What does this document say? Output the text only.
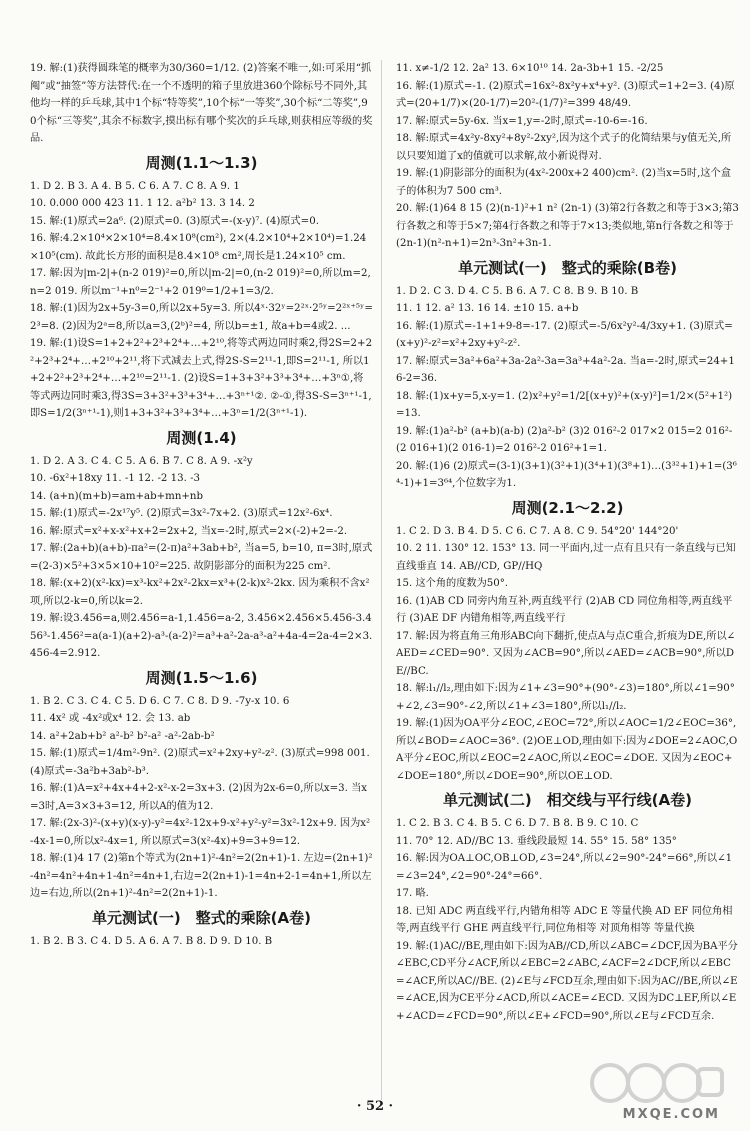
19. 解:(1)获得圆珠笔的概率为30/360=1/12. (2)答案不唯一,如:可采用“抓阄”或“抽签”等方法替代:在一个不透明的箱子里放进360个除标号不同外,其他均一样的乒乓球,其中1个标“特等奖”,10个标“一等奖”,30个标“二等奖”,90个标“三等奖”,其余不标数字,摸出标有哪个奖次的乒乓球,则获相应等级的奖品.

周测(1.1～1.3)

1. D 2. B 3. A 4. B 5. C 6. A 7. C 8. A 9. 1

10. 0.000 000 423 11. 1 12. a²b² 13. 3 14. 2

15. 解:(1)原式=2a⁶. (2)原式=0. (3)原式=-(x-y)⁷. (4)原式=0.

16. 解:4.2×10⁴×2×10⁴=8.4×10⁸(cm²), 2×(4.2×10⁴+2×10⁴)=1.24×10⁵(cm). 故此长方形的面积是8.4×10⁸ cm²,周长是1.24×10⁵ cm.

17. 解:因为|m-2|+(n-2 019)²=0,所以|m-2|=0,(n-2 019)²=0,所以m=2,n=2 019. 所以m⁻¹+n⁰=2⁻¹+2 019⁰=1/2+1=3/2.

18. 解:(1)因为2x+5y-3=0,所以2x+5y=3. 所以4ˣ·32ʸ=2²ˣ·2⁵ʸ=2²ˣ⁺⁵ʸ=2³=8. (2)因为2ᵃ=8,所以a=3,(2ᵇ)²=4, 所以b=±1, 故a+b=4或2. ...

19. 解:(1)设S=1+2+2²+2³+2⁴+…+2¹⁰,将等式两边同时乘2,得2S=2+2²+2³+2⁴+…+2¹⁰+2¹¹,将下式减去上式,得2S-S=2¹¹-1,即S=2¹¹-1, 所以1+2+2²+2³+2⁴+…+2¹⁰=2¹¹-1. (2)设S=1+3+3²+3³+3⁴+…+3ⁿ①,将等式两边同时乘3,得3S=3+3²+3³+3⁴+…+3ⁿ⁺¹②. ②-①,得3S-S=3ⁿ⁺¹-1,即S=1/2(3ⁿ⁺¹-1),则1+3+3²+3³+3⁴+…+3ⁿ=1/2(3ⁿ⁺¹-1).

周测(1.4)

1. D 2. A 3. C 4. C 5. A 6. B 7. C 8. A 9. -x²y

10. -6x²+18xy 11. -1 12. -2 13. -3

14. (a+n)(m+b)=am+ab+mn+nb

15. 解:(1)原式=-2x¹⁷y⁵. (2)原式=3x²-7x+2. (3)原式=12x²-6x⁴.

16. 解:原式=x²+x-x²+x+2=2x+2, 当x=-2时,原式=2×(-2)+2=-2.

17. 解:(2a+b)(a+b)-πa²=(2-π)a²+3ab+b², 当a=5, b=10, π=3时,原式=(2-3)×5²+3×5×10+10²=225. 故阴影部分的面积为225 cm².

18. 解:(x+2)(x²-kx)=x³-kx²+2x²-2kx=x³+(2-k)x²-2kx. 因为乘积不含x²项,所以2-k=0,所以k=2.

19. 解:设3.456=a,则2.456=a-1,1.456=a-2, 3.456×2.456×5.456-3.456³-1.456²=a(a-1)(a+2)-a³-(a-2)²=a³+a²-2a-a³-a²+4a-4=2a-4=2×3.456-4=2.912.

周测(1.5～1.6)

1. B 2. C 3. C 4. C 5. D 6. C 7. C 8. D 9. -7y-x 10. 6

11. 4x² 或 -4x²或x⁴ 12. 会 13. ab

14. a²+2ab+b² a²-b² b²-a² -a²-2ab-b²

15. 解:(1)原式=1/4m²-9n². (2)原式=x²+2xy+y²-z². (3)原式=998 001. (4)原式=-3a²b+3ab²-b³.

16. 解:(1)A=x²+4x+4+2-x²-x-2=3x+3. (2)因为2x-6=0,所以x=3. 当x=3时,A=3×3+3=12, 所以A的值为12.

17. 解:(2x-3)²-(x+y)(x-y)-y²=4x²-12x+9-x²+y²-y²=3x²-12x+9. 因为x²-4x-1=0,所以x²-4x=1, 所以原式=3(x²-4x)+9=3+9=12.

18. 解:(1)4 17 (2)第n个等式为(2n+1)²-4n²=2(2n+1)-1. 左边=(2n+1)²-4n²=4n²+4n+1-4n²=4n+1,右边=2(2n+1)-1=4n+2-1=4n+1,所以左边=右边,所以(2n+1)²-4n²=2(2n+1)-1.

单元测试(一)　整式的乘除(A卷)

1. B 2. B 3. C 4. D 5. A 6. A 7. B 8. D 9. D 10. B

11. x≠-1/2 12. 2a² 13. 6×10¹⁰ 14. 2a-3b+1 15. -2/25

16. 解:(1)原式=-1. (2)原式=16x²-8x²y+x⁴+y². (3)原式=1+2=3. (4)原式=(20+1/7)×(20-1/7)=20²-(1/7)²=399 48/49.

17. 解:原式=5y-6x. 当x=1,y=-2时,原式=-10-6=-16.

18. 解:原式=4x²y-8xy²+8y²-2xy²,因为这个式子的化简结果与y值无关,所以只要知道了x的值就可以求解,故小新说得对.

19. 解:(1)阴影部分的面积为(4x²-200x+2 400)cm². (2)当x=5时,这个盒子的体积为7 500 cm³.

20. 解:(1)64 8 15 (2)(n-1)²+1 n² (2n-1) (3)第2行各数之和等于3×3;第3行各数之和等于5×7;第4行各数之和等于7×13;类似地,第n行各数之和等于(2n-1)(n²-n+1)=2n³-3n²+3n-1.

单元测试(一)　整式的乘除(B卷)

1. D 2. C 3. D 4. C 5. B 6. A 7. C 8. B 9. B 10. B

11. 1 12. a² 13. 16 14. ±10 15. a+b

16. 解:(1)原式=-1+1+9-8=-17. (2)原式=-5/6x²y²-4/3xy+1. (3)原式=(x+y)²-z²=x²+2xy+y²-z².

17. 解:原式=3a²+6a²+3a-2a²-3a=3a³+4a²-2a. 当a=-2时,原式=24+16-2=36.

18. 解:(1)x+y=5,x-y=1. (2)x²+y²=1/2[(x+y)²+(x-y)²]=1/2×(5²+1²)=13.

19. 解:(1)a²-b² (a+b)(a-b) (2)a²-b² (3)2 016²-2 017×2 015=2 016²-(2 016+1)(2 016-1)=2 016²-2 016²+1=1.

20. 解:(1)6 (2)原式=(3-1)(3+1)(3²+1)(3⁴+1)(3⁸+1)…(3³²+1)+1=(3⁶⁴-1)+1=3⁶⁴,个位数字为1.

周测(2.1～2.2)

1. C 2. D 3. B 4. D 5. C 6. C 7. A 8. C 9. 54°20' 144°20'

10. 2 11. 130° 12. 153° 13. 同一平面内,过一点有且只有一条直线与已知直线垂直 14. AB//CD, GP//HQ

15. 这个角的度数为50°.

16. (1)AB CD 同旁内角互补,两直线平行 (2)AB CD 同位角相等,两直线平行 (3)AE DF 内错角相等,两直线平行

17. 解:因为将直角三角形ABC向下翻折,使点A与点C重合,折痕为DE,所以∠AED=∠CED=90°. 又因为∠ACB=90°,所以∠AED=∠ACB=90°,所以DE//BC.

18. 解:l₁//l₂,理由如下:因为∠1+∠3=90°+(90°-∠3)=180°,所以∠1=90°+∠2,∠3=90°-∠2,所以∠1+∠3=180°,所以l₁//l₂.

19. 解:(1)因为OA平分∠EOC,∠EOC=72°,所以∠AOC=1/2∠EOC=36°,所以∠BOD=∠AOC=36°. (2)OE⊥OD,理由如下:因为∠DOE=2∠AOC,OA平分∠EOC,所以∠EOC=2∠AOC,所以∠EOC=∠DOE. 又因为∠EOC+∠DOE=180°,所以∠DOE=90°,所以OE⊥OD.

单元测试(二)　相交线与平行线(A卷)

1. C 2. B 3. C 4. B 5. C 6. D 7. B 8. B 9. C 10. C

11. 70° 12. AD//BC 13. 垂线段最短 14. 55° 15. 58° 135°

16. 解:因为OA⊥OC,OB⊥OD,∠3=24°,所以∠2=90°-24°=66°,所以∠1=∠3=24°,∠2=90°-24°=66°.

17. 略.

18. 已知 ADC 两直线平行,内错角相等 ADC E 等量代换 AD EF 同位角相等,两直线平行 GHE 两直线平行,同位角相等 对顶角相等 等量代换

19. 解:(1)AC//BE,理由如下:因为AB//CD,所以∠ABC=∠DCF,因为BA平分∠EBC,CD平分∠ACF,所以∠EBC=2∠ABC,∠ACF=2∠DCF,所以∠EBC=∠ACF,所以AC//BE. (2)∠E与∠FCD互余,理由如下:因为AC//BE,所以∠E=∠ACE,因为CE平分∠ACD,所以∠ACE=∠ECD. 又因为DC⊥EF,所以∠E+∠ACD=∠FCD=90°,所以∠E+∠FCD=90°,所以∠E与∠FCD互余.

· 52 ·	MXQE.COM
